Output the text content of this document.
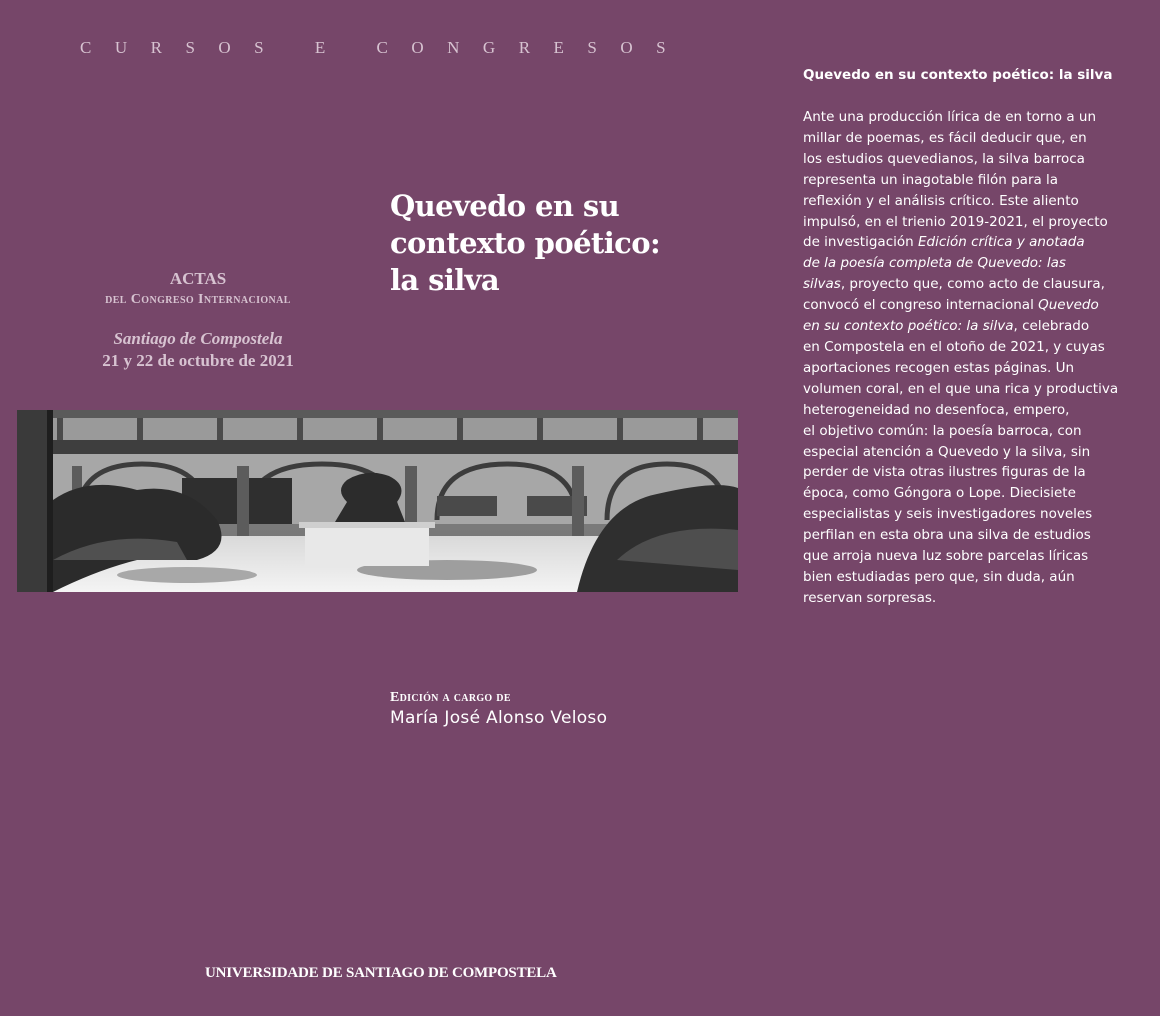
CURSOS E CONGRESOS
Quevedo en su
contexto poético:
la silva
ACTAS
del Congreso Internacional
Santiago de Compostela
21 y 22 de octubre de 2021
Edición a cargo de
María José Alonso Veloso
UNIVERSIDADE DE SANTIAGO DE COMPOSTELA
Quevedo en su contexto poético: la silva
Ante una producción lírica de en torno a un
millar de poemas, es fácil deducir que, en
los estudios quevedianos, la silva barroca
representa un inagotable filón para la
reflexión y el análisis crítico. Este aliento
impulsó, en el trienio 2019-2021, el proyecto
de investigación Edición crítica y anotada
de la poesía completa de Quevedo: las
silvas, proyecto que, como acto de clausura,
convocó el congreso internacional Quevedo
en su contexto poético: la silva, celebrado
en Compostela en el otoño de 2021, y cuyas
aportaciones recogen estas páginas. Un
volumen coral, en el que una rica y productiva
heterogeneidad no desenfoca, empero,
el objetivo común: la poesía barroca, con
especial atención a Quevedo y la silva, sin
perder de vista otras ilustres figuras de la
época, como Góngora o Lope. Diecisiete
especialistas y seis investigadores noveles
perfilan en esta obra una silva de estudios
que arroja nueva luz sobre parcelas líricas
bien estudiadas pero que, sin duda, aún
reservan sorpresas.
